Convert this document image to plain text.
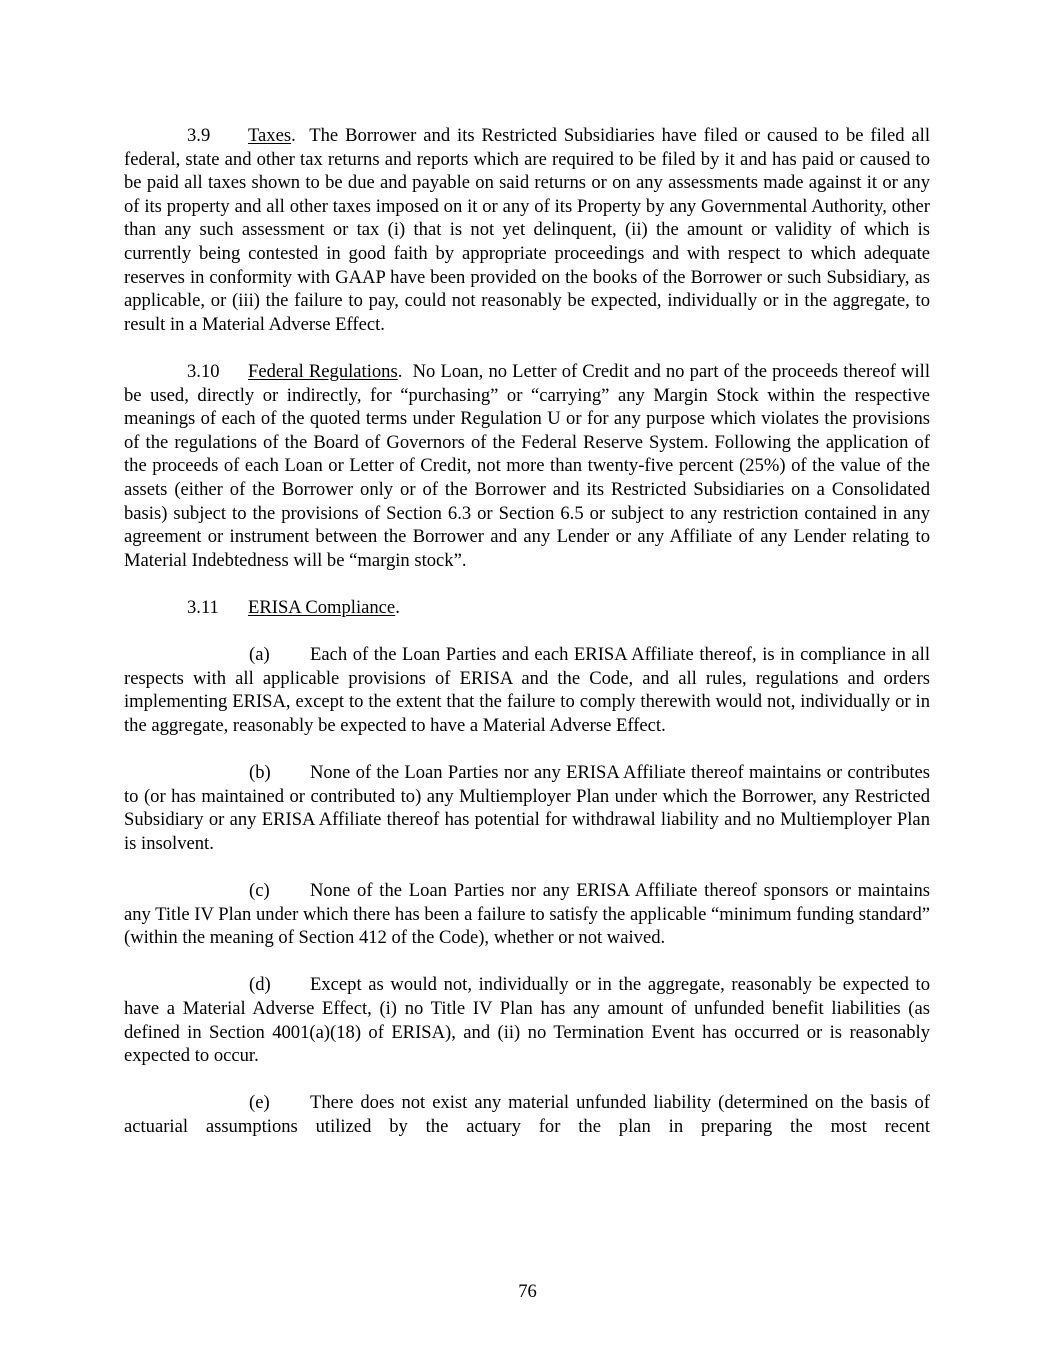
3.9 Taxes.  The Borrower and its Restricted Subsidiaries have filed or caused to be filed all federal, state and other tax returns and reports which are required to be filed by it and has paid or caused to be paid all taxes shown to be due and payable on said returns or on any assessments made against it or any of its property and all other taxes imposed on it or any of its Property by any Governmental Authority, other than any such assessment or tax (i) that is not yet delinquent, (ii) the amount or validity of which is currently being contested in good faith by appropriate proceedings and with respect to which adequate reserves in conformity with GAAP have been provided on the books of the Borrower or such Subsidiary, as applicable, or (iii) the failure to pay, could not reasonably be expected, individually or in the aggregate, to result in a Material Adverse Effect.

3.10 Federal Regulations.  No Loan, no Letter of Credit and no part of the proceeds thereof will be used, directly or indirectly, for “purchasing” or “carrying” any Margin Stock within the respective meanings of each of the quoted terms under Regulation U or for any purpose which violates the provisions of the regulations of the Board of Governors of the Federal Reserve System. Following the application of the proceeds of each Loan or Letter of Credit, not more than twenty-five percent (25%) of the value of the assets (either of the Borrower only or of the Borrower and its Restricted Subsidiaries on a Consolidated basis) subject to the provisions of Section 6.3 or Section 6.5 or subject to any restriction contained in any agreement or instrument between the Borrower and any Lender or any Affiliate of any Lender relating to Material Indebtedness will be “margin stock”.

3.11 ERISA Compliance.

(a) Each of the Loan Parties and each ERISA Affiliate thereof, is in compliance in all respects with all applicable provisions of ERISA and the Code, and all rules, regulations and orders implementing ERISA, except to the extent that the failure to comply therewith would not, individually or in the aggregate, reasonably be expected to have a Material Adverse Effect.

(b) None of the Loan Parties nor any ERISA Affiliate thereof maintains or contributes to (or has maintained or contributed to) any Multiemployer Plan under which the Borrower, any Restricted Subsidiary or any ERISA Affiliate thereof has potential for withdrawal liability and no Multiemployer Plan is insolvent.

(c) None of the Loan Parties nor any ERISA Affiliate thereof sponsors or maintains any Title IV Plan under which there has been a failure to satisfy the applicable “minimum funding standard” (within the meaning of Section 412 of the Code), whether or not waived.

(d) Except as would not, individually or in the aggregate, reasonably be expected to have a Material Adverse Effect, (i) no Title IV Plan has any amount of unfunded benefit liabilities (as defined in Section 4001(a)(18) of ERISA), and (ii) no Termination Event has occurred or is reasonably expected to occur.

(e) There does not exist any material unfunded liability (determined on the basis of actuarial assumptions utilized by the actuary for the plan in preparing the most recent

76
